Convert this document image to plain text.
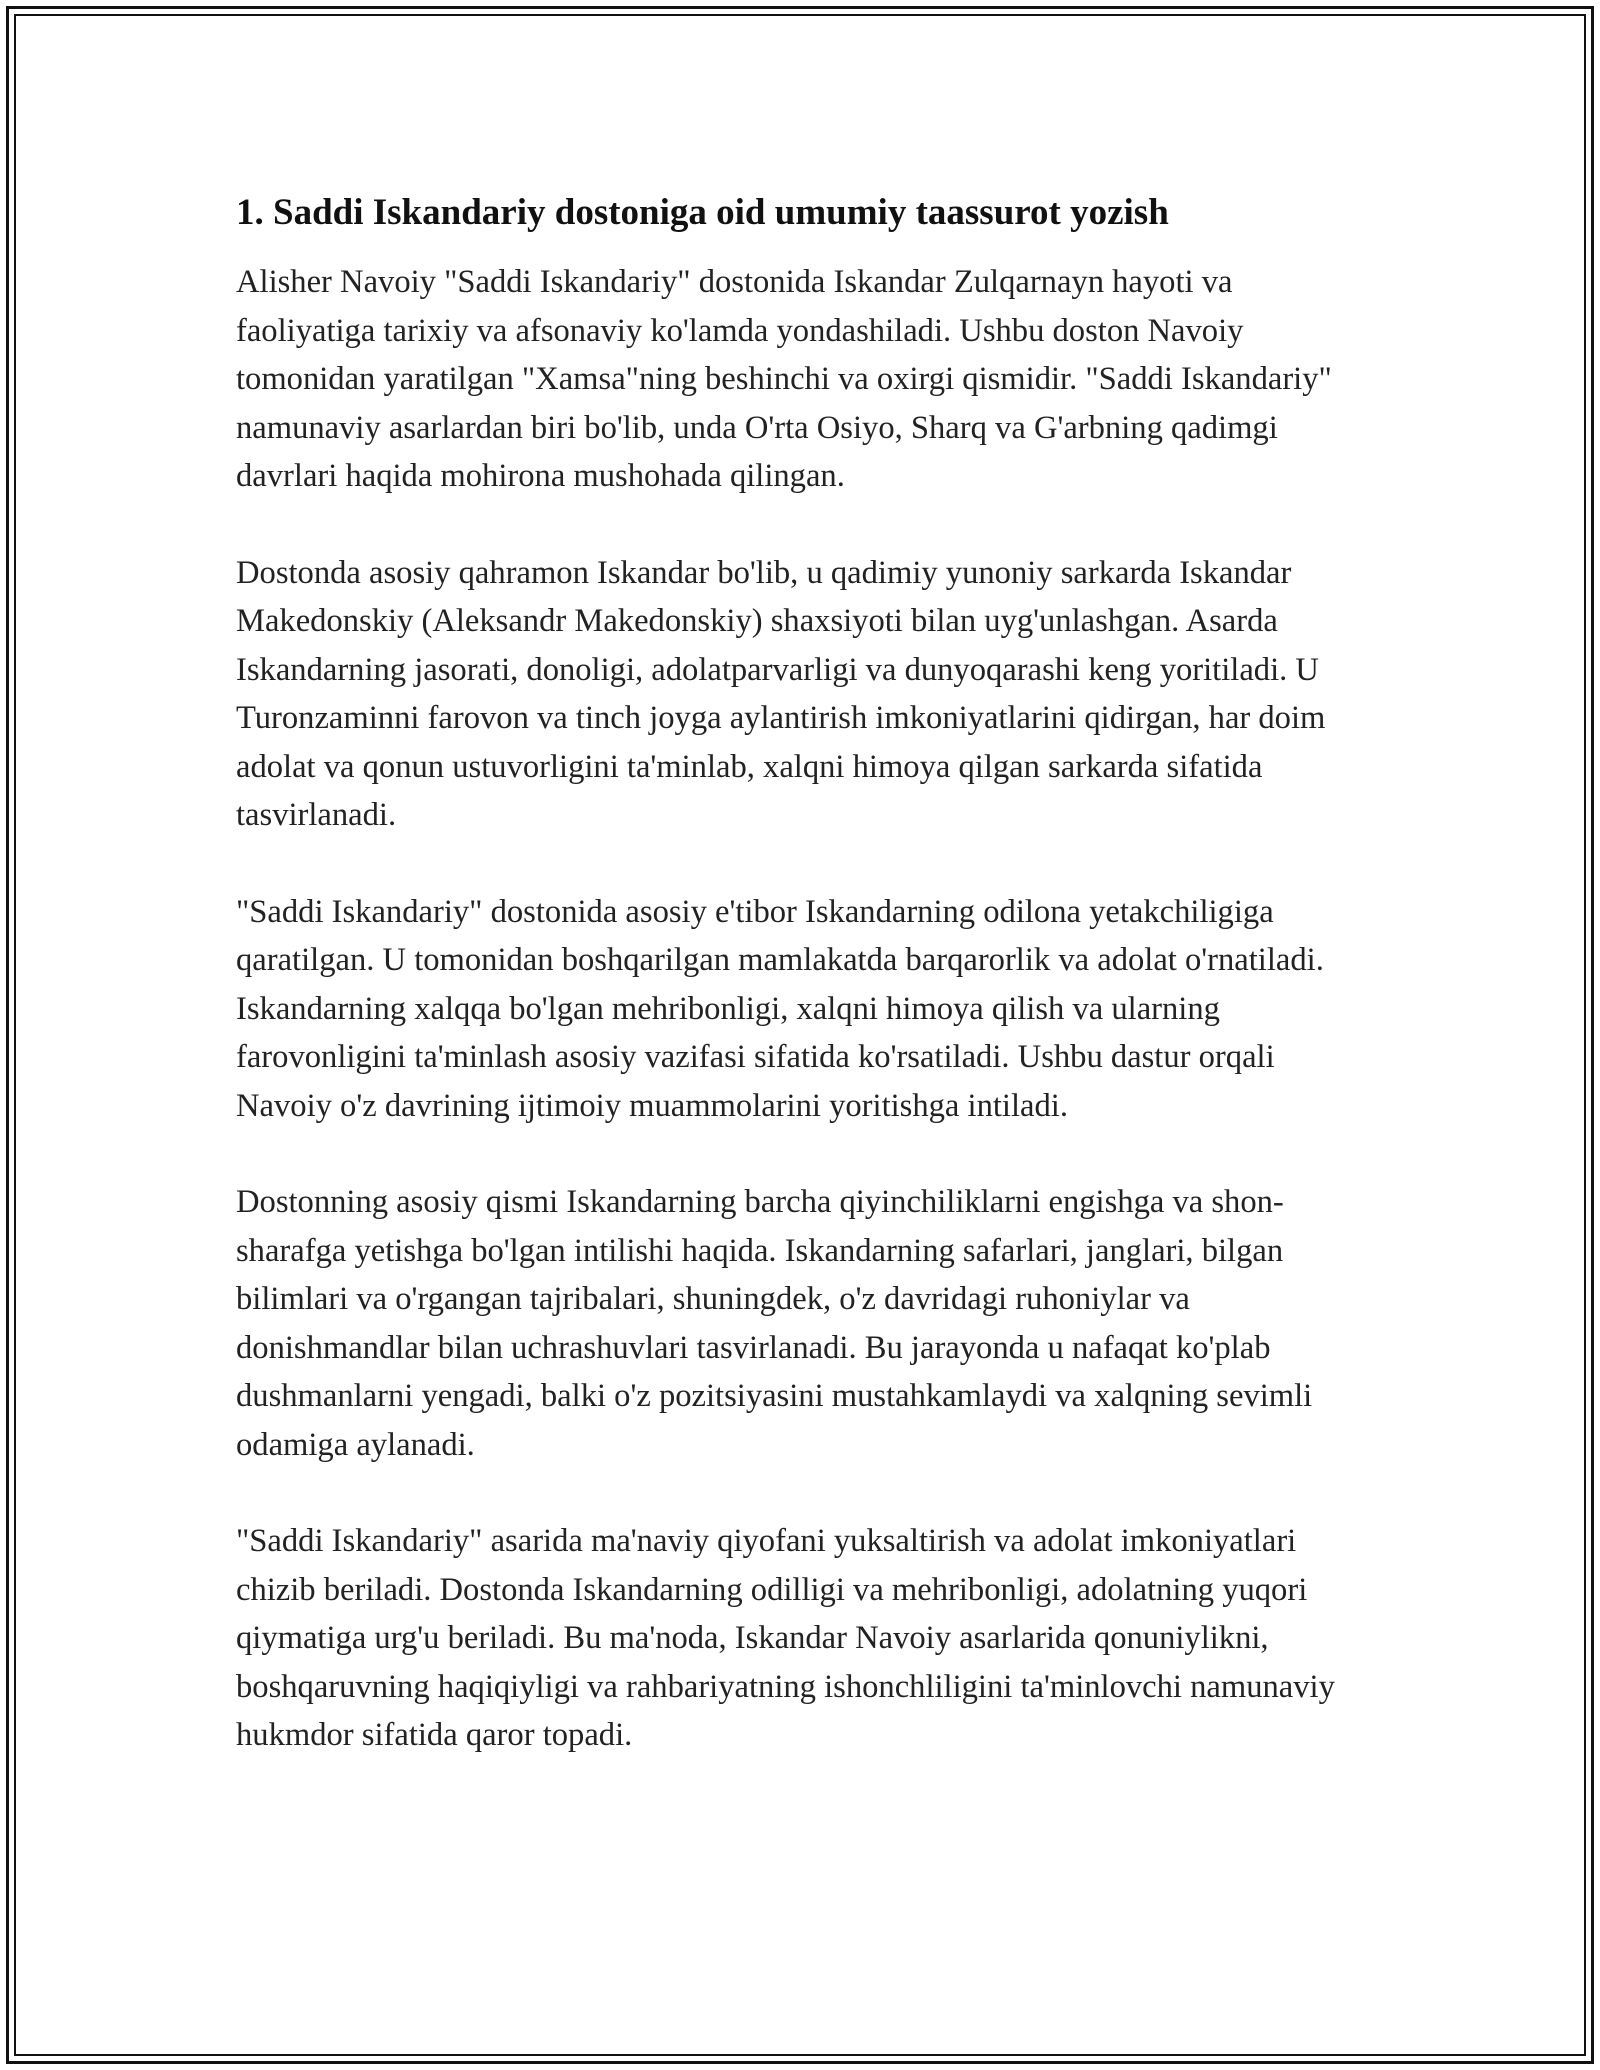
1. Saddi Iskandariy dostoniga oid umumiy taassurot yozish

Alisher Navoiy "Saddi Iskandariy" dostonida Iskandar Zulqarnayn hayoti va faoliyatiga tarixiy va afsonaviy ko'lamda yondashiladi. Ushbu doston Navoiy tomonidan yaratilgan "Xamsa"ning beshinchi va oxirgi qismidir. "Saddi Iskandariy" namunaviy asarlardan biri bo'lib, unda O'rta Osiyo, Sharq va G'arbning qadimgi davrlari haqida mohirona mushohada qilingan.

Dostonda asosiy qahramon Iskandar bo'lib, u qadimiy yunoniy sarkarda Iskandar Makedonskiy (Aleksandr Makedonskiy) shaxsiyoti bilan uyg'unlashgan. Asarda Iskandarning jasorati, donoligi, adolatparvarligi va dunyoqarashi keng yoritiladi. U Turonzaminni farovon va tinch joyga aylantirish imkoniyatlarini qidirgan, har doim adolat va qonun ustuvorligini ta'minlab, xalqni himoya qilgan sarkarda sifatida tasvirlanadi.

"Saddi Iskandariy" dostonida asosiy e'tibor Iskandarning odilona yetakchiligiga qaratilgan. U tomonidan boshqarilgan mamlakatda barqarorlik va adolat o'rnatiladi. Iskandarning xalqqa bo'lgan mehribonligi, xalqni himoya qilish va ularning farovonligini ta'minlash asosiy vazifasi sifatida ko'rsatiladi. Ushbu dastur orqali Navoiy o'z davrining ijtimoiy muammolarini yoritishga intiladi.

Dostonning asosiy qismi Iskandarning barcha qiyinchiliklarni engishga va shon-sharafga yetishga bo'lgan intilishi haqida. Iskandarning safarlari, janglari, bilgan bilimlari va o'rgangan tajribalari, shuningdek, o'z davridagi ruhoniylar va donishmandlar bilan uchrashuvlari tasvirlanadi. Bu jarayonda u nafaqat ko'plab dushmanlarni yengadi, balki o'z pozitsiyasini mustahkamlaydi va xalqning sevimli odamiga aylanadi.

"Saddi Iskandariy" asarida ma'naviy qiyofani yuksaltirish va adolat imkoniyatlari chizib beriladi. Dostonda Iskandarning odilligi va mehribonligi, adolatning yuqori qiymatiga urg'u beriladi. Bu ma'noda, Iskandar Navoiy asarlarida qonuniylikni, boshqaruvning haqiqiyligi va rahbariyatning ishonchliligini ta'minlovchi namunaviy hukmdor sifatida qaror topadi.
